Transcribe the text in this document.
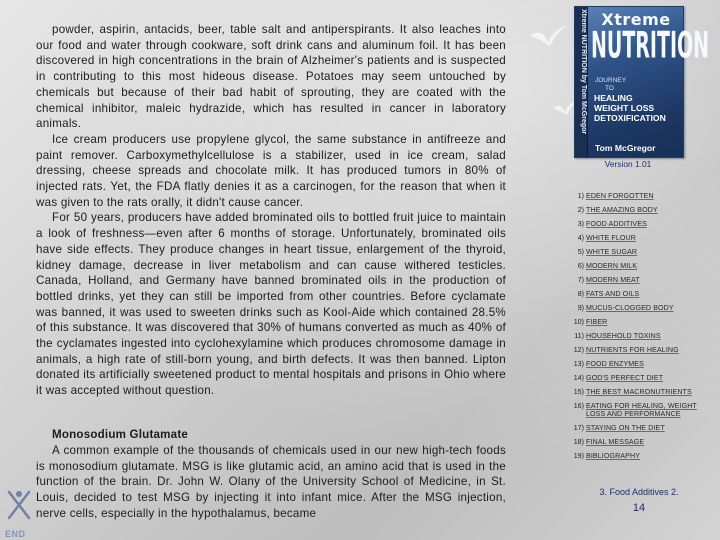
powder, aspirin, antacids, beer, table salt and antiperspirants. It also leaches into our food and water through cookware, soft drink cans and aluminum foil. It has been discovered in high concentrations in the brain of Alzheimer's patients and is suspected in contributing to this most hideous disease. Potatoes may seem untouched by chemicals but because of their bad habit of sprouting, they are coated with the chemical inhibitor, maleic hydrazide, which has resulted in cancer in laboratory animals.

Ice cream producers use propylene glycol, the same substance in antifreeze and paint remover. Carboxymethylcellulose is a stabilizer, used in ice cream, salad dressing, cheese spreads and chocolate milk. It has produced tumors in 80% of injected rats. Yet, the FDA flatly denies it as a carcinogen, for the reason that when it was given to the rats orally, it didn't cause cancer.

For 50 years, producers have added brominated oils to bottled fruit juice to maintain a look of freshness—even after 6 months of storage. Unfortunately, brominated oils have side effects. They produce changes in heart tissue, enlargement of the thyroid, kidney damage, decrease in liver metabolism and can cause withered testicles. Canada, Holland, and Germany have banned brominated oils in the production of bottled drinks, yet they can still be imported from other countries. Before cyclamate was banned, it was used to sweeten drinks such as Kool-Aide which contained 28.5% of this substance. It was discovered that 30% of humans converted as much as 40% of the cyclamates ingested into cyclohexylamine which produces chromosome damage in animals, a high rate of still-born young, and birth defects. It was then banned. Lipton donated its artificially sweetened product to mental hospitals and prisons in Ohio where it was accepted without question.

Monosodium Glutamate

A common example of the thousands of chemicals used in our new high-tech foods is monosodium glutamate. MSG is like glutamic acid, an amino acid that is used in the function of the brain. Dr. John W. Olany of the University School of Medicine, in St. Louis, decided to test MSG by injecting it into infant mice. After the MSG injection, nerve cells, especially in the hypothalamus, became

Xtreme NUTRITION by Tom McGregor Xtreme
NUTRITION
JOURNEY
TO
HEALING
WEIGHT LOSS
DETOXIFICATION
Tom McGregor
Version 1.01
1) EDEN FORGOTTEN
2) THE AMAZING BODY
3) FOOD ADDITIVES
4) WHITE FLOUR
5) WHITE SUGAR
6) MODERN MILK
7) MODERN MEAT
8) FATS AND OILS
9) MUCUS-CLOGGED BODY
10) FIBER
11) HOUSEHOLD TOXINS
12) NUTRIENTS FOR HEALING
13) FOOD ENZYMES
14) GOD'S PERFECT DIET
15) THE BEST MACRONUTRIENTS
16) EATING FOR HEALING, WEIGHT LOSS AND PERFORMANCE
17) STAYING ON THE DIET
18) FINAL MESSAGE
19) BIBLIOGRAPHY
3. Food Additives 2.
14
END
